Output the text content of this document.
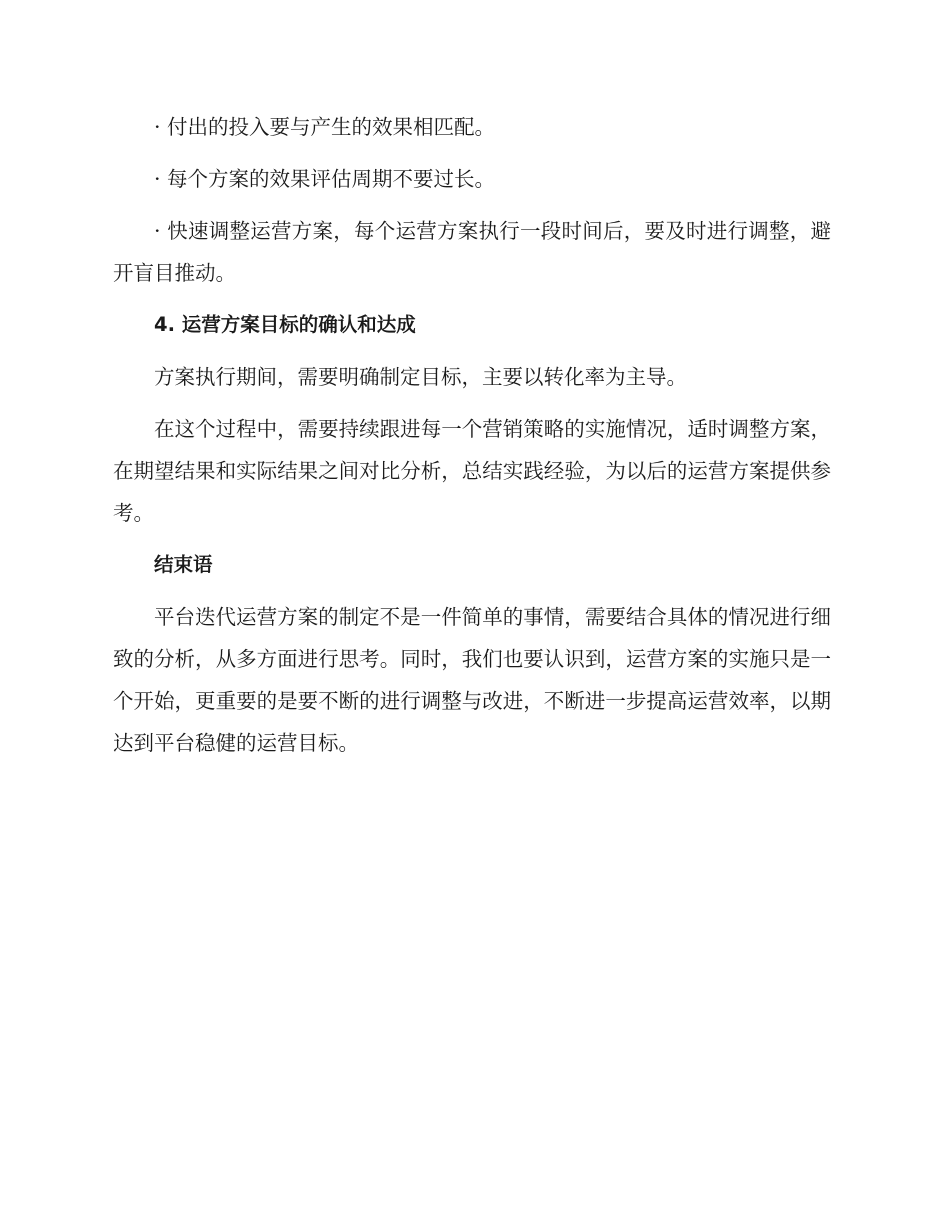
· 付出的投入要与产生的效果相匹配。

· 每个方案的效果评估周期不要过长。

· 快速调整运营方案，每个运营方案执行一段时间后，要及时进行调整，避开盲目推动。

4. 运营方案目标的确认和达成

方案执行期间，需要明确制定目标，主要以转化率为主导。

在这个过程中，需要持续跟进每一个营销策略的实施情况，适时调整方案，在期望结果和实际结果之间对比分析，总结实践经验，为以后的运营方案提供参考。

结束语

平台迭代运营方案的制定不是一件简单的事情，需要结合具体的情况进行细致的分析，从多方面进行思考。同时，我们也要认识到，运营方案的实施只是一个开始，更重要的是要不断的进行调整与改进，不断进一步提高运营效率，以期达到平台稳健的运营目标。
